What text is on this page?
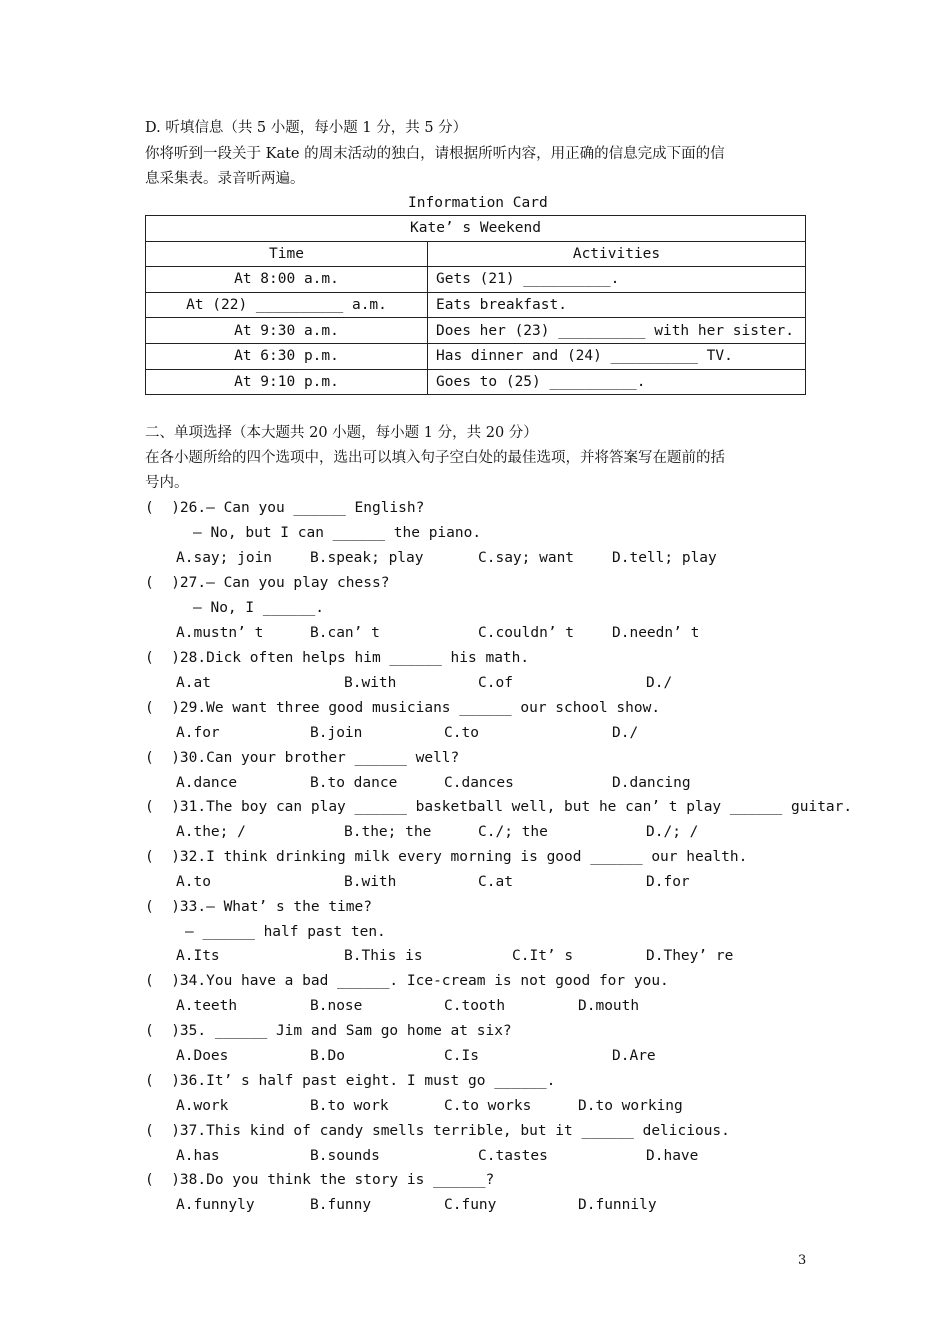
D. 听填信息（共 5 小题，每小题 1 分，共 5 分）
你将听到一段关于 Kate 的周末活动的独白，请根据所听内容，用正确的信息完成下面的信
息采集表。录音听两遍。
Information Card
Kate’ s Weekend	
Time	Activities
At 8:00 a.m.	Gets (21) __________.
At (22) __________ a.m.	Eats breakfast.
At 9:30 a.m.	Does her (23) __________ with her sister.
At 6:30 p.m.	Has dinner and (24) __________ TV.
At 9:10 p.m.	Goes to (25) __________.
二、单项选择（本大题共 20 小题，每小题 1 分，共 20 分）
在各小题所给的四个选项中，选出可以填入句子空白处的最佳选项，并将答案写在题前的括
号内。
(  )26.— Can you ______ English?
— No, but I can ______ the piano.
A.say; join	B.speak; play	C.say; want	D.tell; play
(  )27.— Can you play chess?
— No, I ______.
A.mustn’ t	B.can’ t	C.couldn’ t	D.needn’ t
(  )28.Dick often helps him ______ his math.
A.at	B.with	C.of	D./
(  )29.We want three good musicians ______ our school show.
A.for	B.join	C.to	D./
(  )30.Can your brother ______ well?
A.dance	B.to dance	C.dances	D.dancing
(  )31.The boy can play ______ basketball well, but he can’ t play ______ guitar.
A.the; /	B.the; the	C./; the	D./; /
(  )32.I think drinking milk every morning is good ______ our health.
A.to	B.with	C.at	D.for
(  )33.— What’ s the time?
— ______ half past ten.
A.Its	B.This is	C.It’ s	D.They’ re
(  )34.You have a bad ______. Ice-cream is not good for you.
A.teeth	B.nose	C.tooth	D.mouth
(  )35. ______ Jim and Sam go home at six?
A.Does	B.Do	C.Is	D.Are
(  )36.It’ s half past eight. I must go ______.
A.work	B.to work	C.to works	D.to working
(  )37.This kind of candy smells terrible, but it ______ delicious.
A.has	B.sounds	C.tastes	D.have
(  )38.Do you think the story is ______?
A.funnyly	B.funny	C.funy	D.funnily
3
